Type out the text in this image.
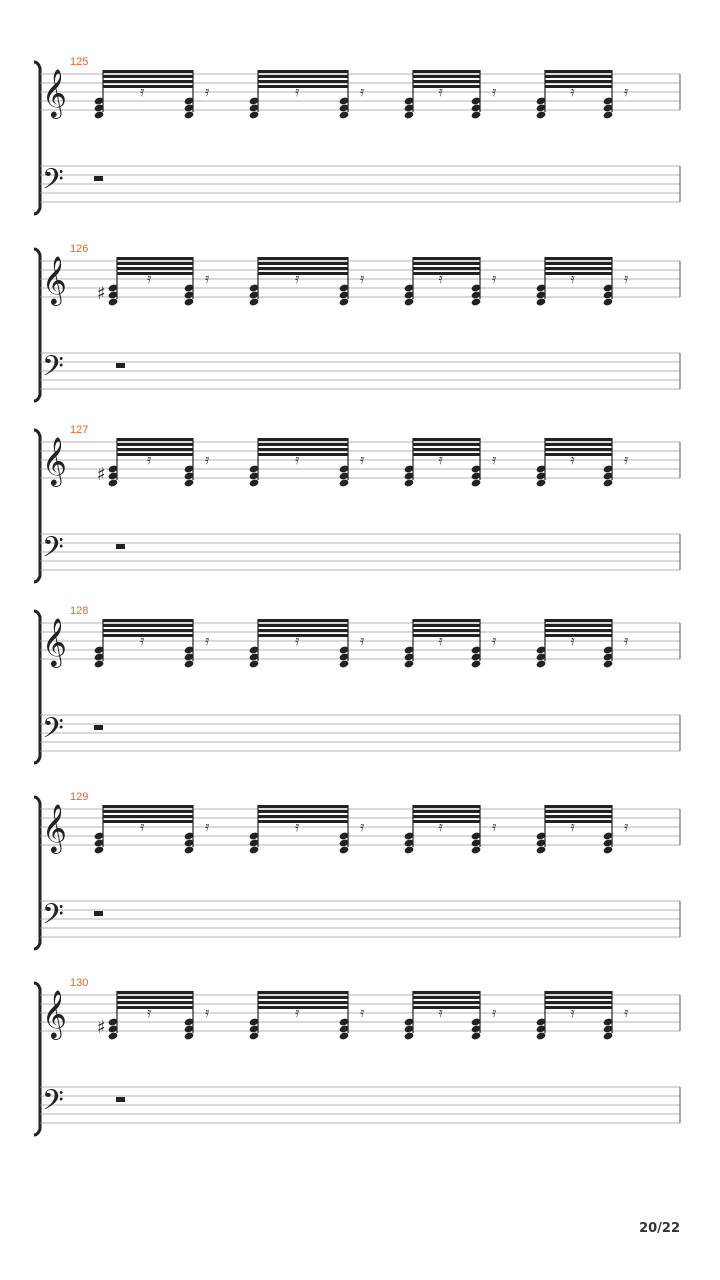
𝄞
𝄢
125
𝄿	𝄿	𝄿	𝄿	𝄿	𝄿	𝄿	𝄿
𝄞
𝄢
126
♯
𝄿	𝄿	𝄿	𝄿	𝄿	𝄿	𝄿	𝄿
𝄞
𝄢
127
♯
𝄿	𝄿	𝄿	𝄿	𝄿	𝄿	𝄿	𝄿
𝄞
𝄢
128
𝄿	𝄿	𝄿	𝄿	𝄿	𝄿	𝄿	𝄿
𝄞
𝄢
129
𝄿	𝄿	𝄿	𝄿	𝄿	𝄿	𝄿	𝄿
𝄞
𝄢
130
♯
𝄿	𝄿	𝄿	𝄿	𝄿	𝄿	𝄿	𝄿
20/22
